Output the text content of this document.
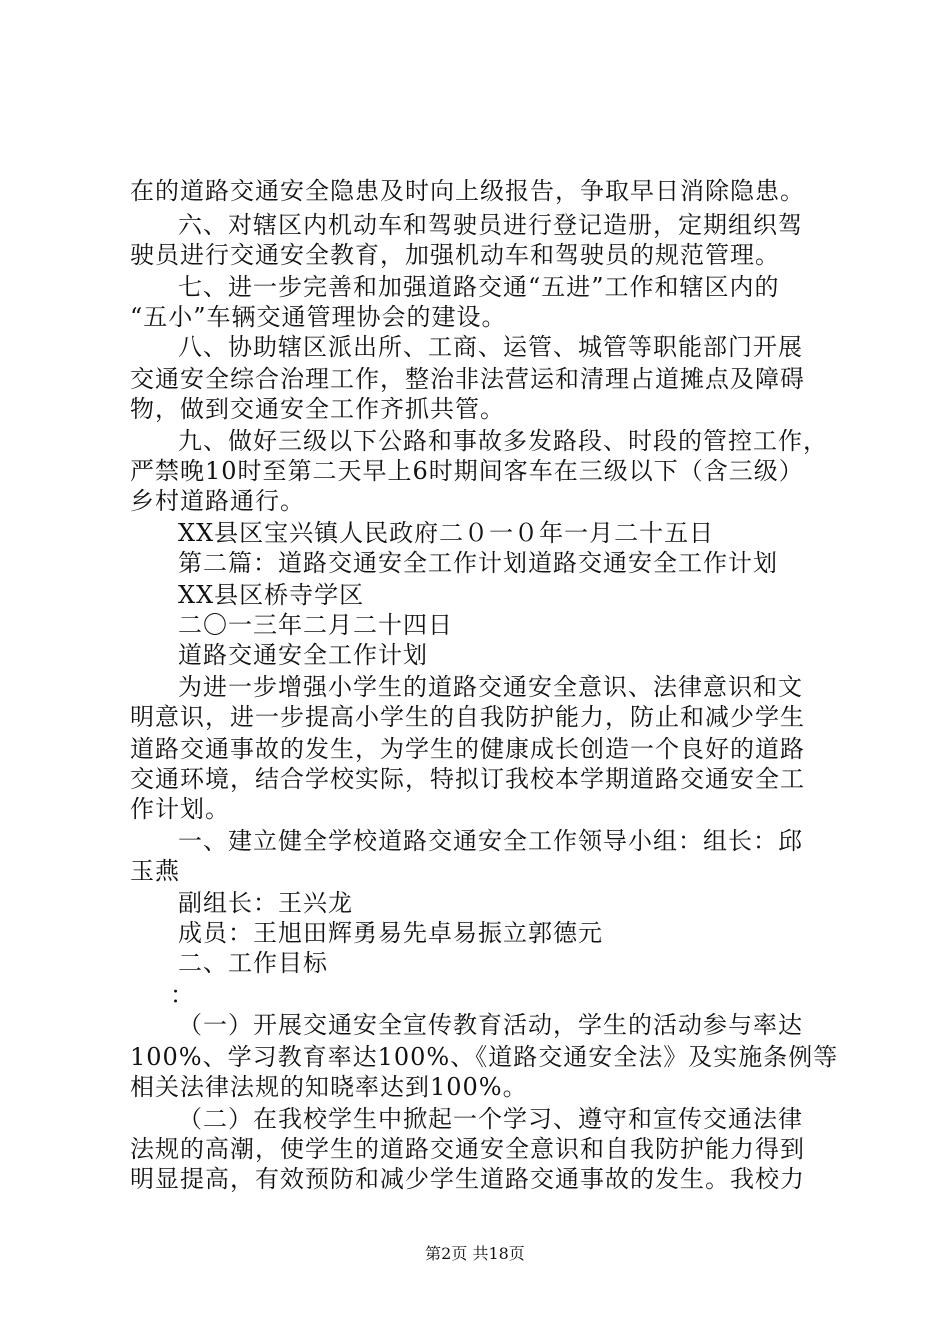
在的道路交通安全隐患及时向上级报告，争取早日消除隐患。
六、对辖区内机动车和驾驶员进行登记造册，定期组织驾
驶员进行交通安全教育，加强机动车和驾驶员的规范管理。
七、进一步完善和加强道路交通“五进”工作和辖区内的
“五小”车辆交通管理协会的建设。
八、协助辖区派出所、工商、运管、城管等职能部门开展
交通安全综合治理工作，整治非法营运和清理占道摊点及障碍
物，做到交通安全工作齐抓共管。
九、做好三级以下公路和事故多发路段、时段的管控工作，
严禁晚10时至第二天早上6时期间客车在三级以下（含三级）
乡村道路通行。
XX县区宝兴镇人民政府二０一０年一月二十五日
第二篇：道路交通安全工作计划道路交通安全工作计划
XX县区桥寺学区
二〇一三年二月二十四日
道路交通安全工作计划
为进一步增强小学生的道路交通安全意识、法律意识和文
明意识，进一步提高小学生的自我防护能力，防止和减少学生
道路交通事故的发生，为学生的健康成长创造一个良好的道路
交通环境，结合学校实际，特拟订我校本学期道路交通安全工
作计划。
一、建立健全学校道路交通安全工作领导小组：组长：邱
玉燕
副组长：王兴龙
成员：王旭田辉勇易先卓易振立郭德元
二、工作目标
：
（一）开展交通安全宣传教育活动，学生的活动参与率达
100%、学习教育率达100%、《道路交通安全法》及实施条例等
相关法律法规的知晓率达到100%。
（二）在我校学生中掀起一个学习、遵守和宣传交通法律
法规的高潮，使学生的道路交通安全意识和自我防护能力得到
明显提高，有效预防和减少学生道路交通事故的发生。我校力
第2页 共18页
